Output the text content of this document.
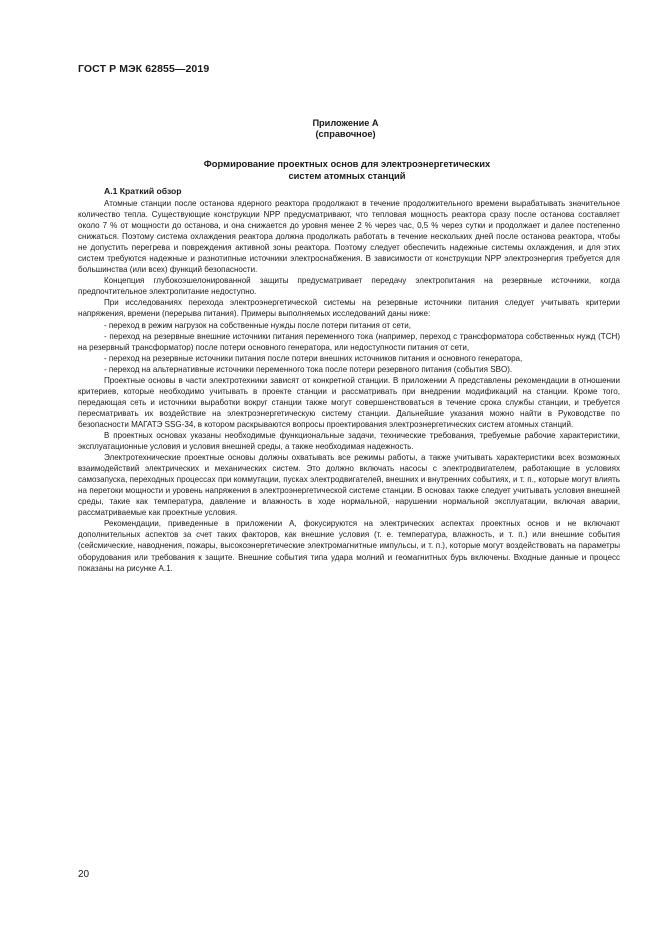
ГОСТ Р МЭК 62855—2019
Приложение А
(справочное)
Формирование проектных основ для электроэнергетических
систем атомных станций
А.1 Краткий обзор

Атомные станции после останова ядерного реактора продолжают в течение продолжительного времени вырабатывать значительное количество тепла. Существующие конструкции NPP предусматривают, что тепловая мощность реактора сразу после останова составляет около 7 % от мощности до останова, и она снижается до уровня менее 2 % через час, 0,5 % через сутки и продолжает и далее постепенно снижаться. Поэтому система охлаждения реактора должна продолжать работать в течение нескольких дней после останова реактора, чтобы не допустить перегрева и повреждения активной зоны реактора. Поэтому следует обеспечить надежные системы охлаждения, и для этих систем требуются надежные и разнотипные источники электроснабжения. В зависимости от конструкции NPP электроэнергия требуется для большинства (или всех) функций безопасности.

Концепция глубокоэшелонированной защиты предусматривает передачу электропитания на резервные источники, когда предпочтительное электропитание недоступно.

При исследованиях перехода электроэнергетической системы на резервные источники питания следует учитывать критерии напряжения, времени (перерыва питания). Примеры выполняемых исследований даны ниже:

- переход в режим нагрузок на собственные нужды после потери питания от сети,

- переход на резервные внешние источники питания переменного тока (например, переход с трансформатора собственных нужд (ТСН) на резервный трансформатор) после потери основного генератора, или недоступности питания от сети,

- переход на резервные источники питания после потери внешних источников питания и основного генератора,

- переход на альтернативные источники переменного тока после потери резервного питания (события SBO).

Проектные основы в части электротехники зависят от конкретной станции. В приложении А представлены рекомендации в отношении критериев, которые необходимо учитывать в проекте станции и рассматривать при внедрении модификаций на станции. Кроме того, передающая сеть и источники выработки вокруг станции также могут совершенствоваться в течение срока службы станции, и требуется пересматривать их воздействие на электроэнергетическую систему станции. Дальнейшие указания можно найти в Руководстве по безопасности МАГАТЭ SSG-34, в котором раскрываются вопросы проектирования электроэнергетических систем атомных станций.

В проектных основах указаны необходимые функциональные задачи, технические требования, требуемые рабочие характеристики, эксплуатационные условия и условия внешней среды, а также необходимая надежность.

Электротехнические проектные основы должны охватывать все режимы работы, а также учитывать характеристики всех возможных взаимодействий электрических и механических систем. Это должно включать насосы с электродвигателем, работающие в условиях самозапуска, переходных процессах при коммутации, пусках электродвигателей, внешних и внутренних событиях, и т. п., которые могут влиять на перетоки мощности и уровень напряжения в электроэнергетической системе станции. В основах также следует учитывать условия внешней среды, такие как температура, давление и влажность в ходе нормальной, нарушении нормальной эксплуатации, включая аварии, рассматриваемые как проектные условия.

Рекомендации, приведенные в приложении А, фокусируются на электрических аспектах проектных основ и не включают дополнительных аспектов за счет таких факторов, как внешние условия (т. е. температура, влажность, и т. п.) или внешние события (сейсмические, наводнения, пожары, высокоэнергетические электромагнитные импульсы, и т. п.), которые могут воздействовать на параметры оборудования или требования к защите. Внешние события типа удара молний и геомагнитных бурь включены. Входные данные и процесс показаны на рисунке А.1.

20
